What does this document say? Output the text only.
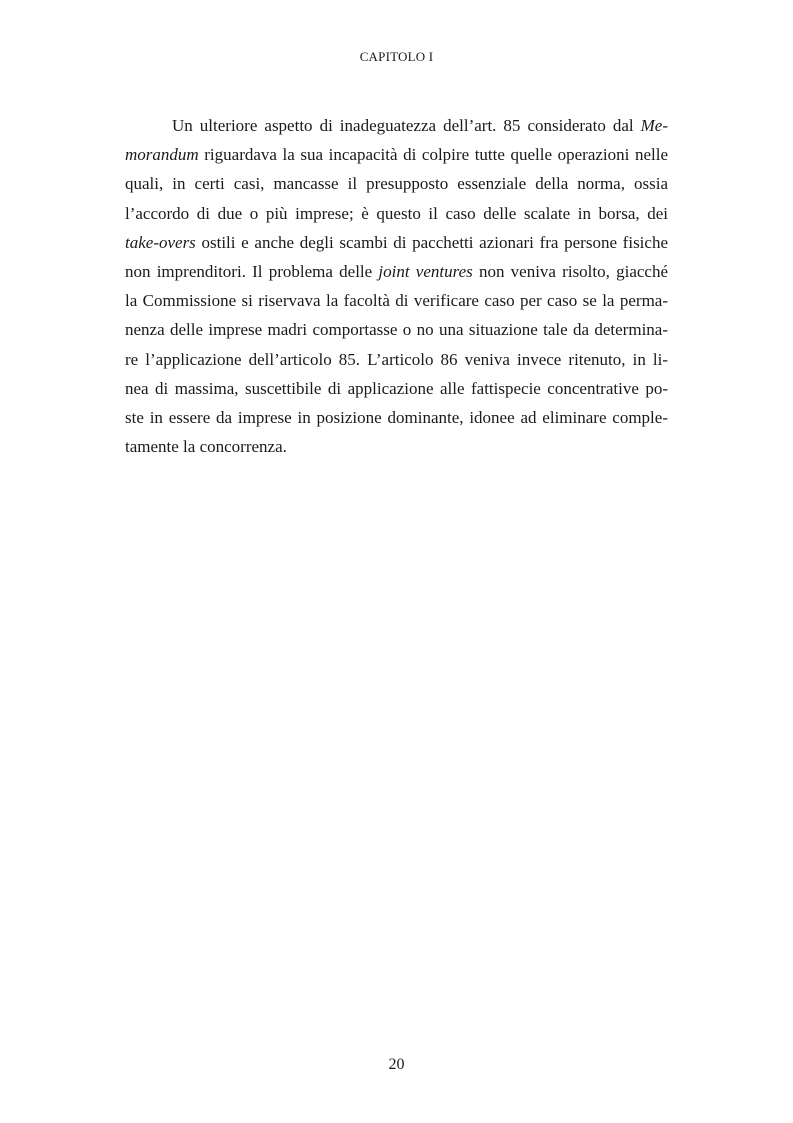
CAPITOLO I
Un ulteriore aspetto di inadeguatezza dell’art. 85 considerato dal Me-
morandum riguardava la sua incapacità di colpire tutte quelle operazioni nelle
quali, in certi casi, mancasse il presupposto essenziale della norma, ossia
l’accordo di due o più imprese; è questo il caso delle scalate in borsa, dei
take-overs ostili e anche degli scambi di pacchetti azionari fra persone fisiche
non imprenditori. Il problema delle joint ventures non veniva risolto, giacché
la Commissione si riservava la facoltà di verificare caso per caso se la perma-
nenza delle imprese madri comportasse o no una situazione tale da determina-
re l’applicazione dell’articolo 85. L’articolo 86 veniva invece ritenuto, in li-
nea di massima, suscettibile di applicazione alle fattispecie concentrative po-
ste in essere da imprese in posizione dominante, idonee ad eliminare comple-
tamente la concorrenza.
20
